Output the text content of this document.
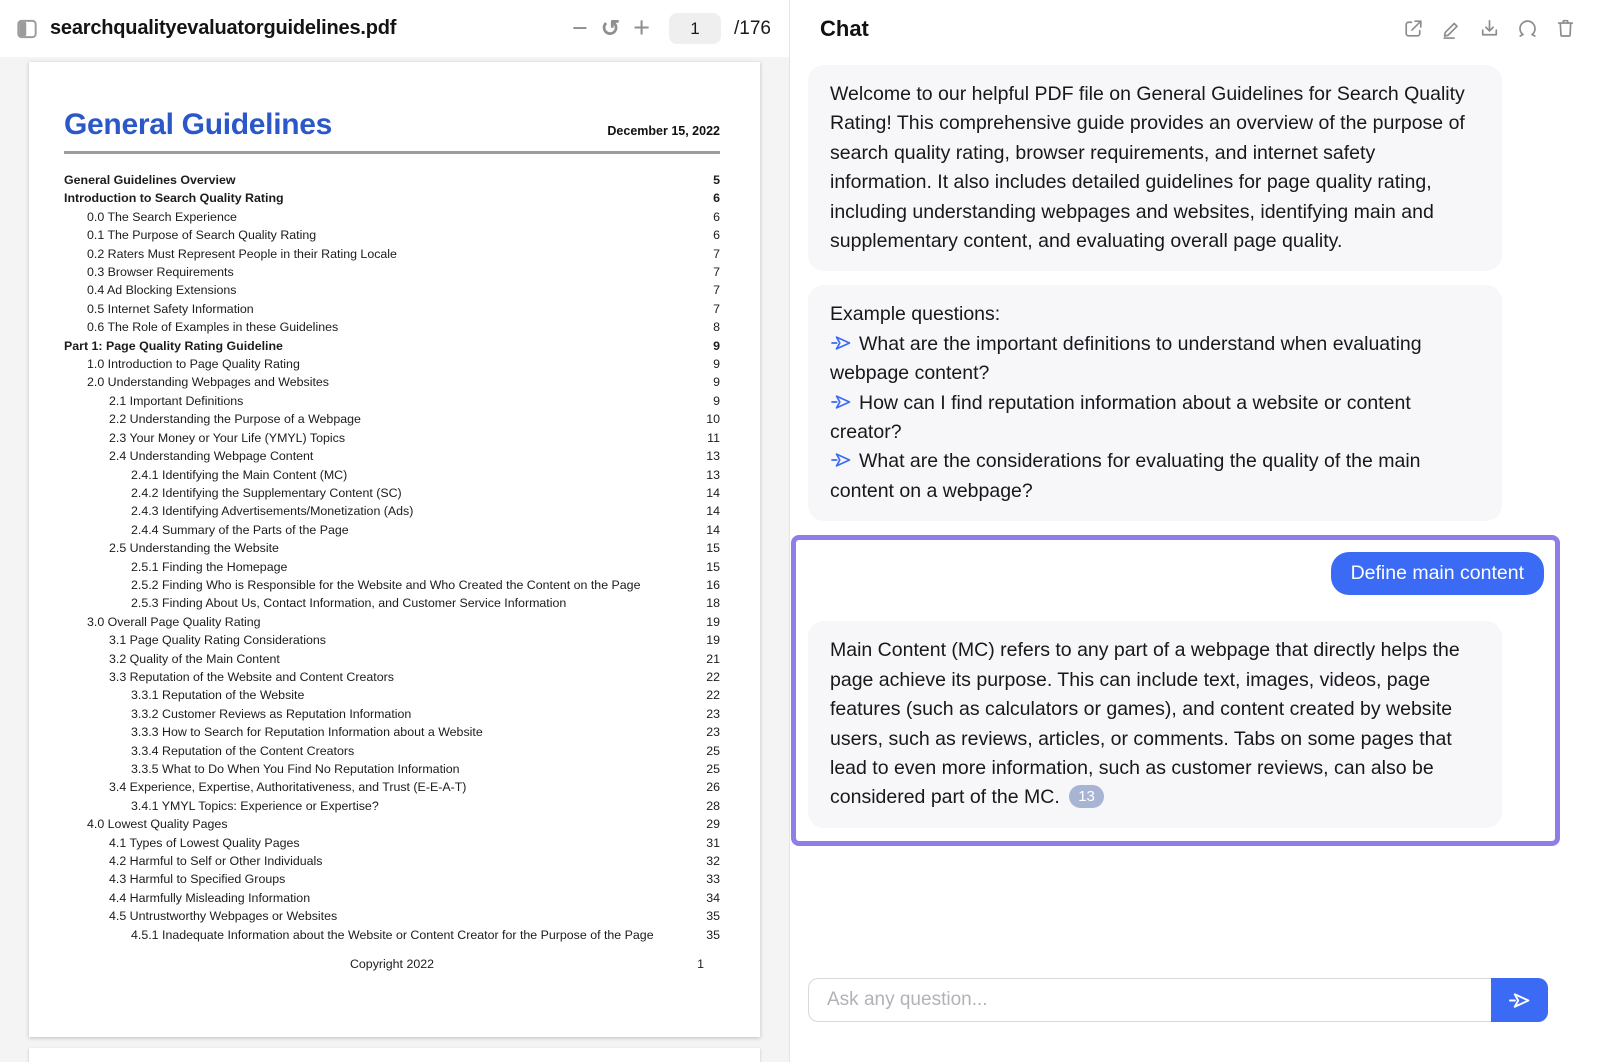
searchqualityevaluatorguidelines.pdf	− ↺ +
1	/176
General Guidelines	December 15, 2022
General Guidelines Overview	5
Introduction to Search Quality Rating	6
0.0 The Search Experience	6
0.1 The Purpose of Search Quality Rating	6
0.2 Raters Must Represent People in their Rating Locale	7
0.3 Browser Requirements	7
0.4 Ad Blocking Extensions	7
0.5 Internet Safety Information	7
0.6 The Role of Examples in these Guidelines	8
Part 1: Page Quality Rating Guideline	9
1.0 Introduction to Page Quality Rating	9
2.0 Understanding Webpages and Websites	9
2.1 Important Definitions	9
2.2 Understanding the Purpose of a Webpage	10
2.3 Your Money or Your Life (YMYL) Topics	11
2.4 Understanding Webpage Content	13
2.4.1 Identifying the Main Content (MC)	13
2.4.2 Identifying the Supplementary Content (SC)	14
2.4.3 Identifying Advertisements/Monetization (Ads)	14
2.4.4 Summary of the Parts of the Page	14
2.5 Understanding the Website	15
2.5.1 Finding the Homepage	15
2.5.2 Finding Who is Responsible for the Website and Who Created the Content on the Page	16
2.5.3 Finding About Us, Contact Information, and Customer Service Information	18
3.0 Overall Page Quality Rating	19
3.1 Page Quality Rating Considerations	19
3.2 Quality of the Main Content	21
3.3 Reputation of the Website and Content Creators	22
3.3.1 Reputation of the Website	22
3.3.2 Customer Reviews as Reputation Information	23
3.3.3 How to Search for Reputation Information about a Website	23
3.3.4 Reputation of the Content Creators	25
3.3.5 What to Do When You Find No Reputation Information	25
3.4 Experience, Expertise, Authoritativeness, and Trust (E-E-A-T)	26
3.4.1 YMYL Topics: Experience or Expertise?	28
4.0 Lowest Quality Pages	29
4.1 Types of Lowest Quality Pages	31
4.2 Harmful to Self or Other Individuals	32
4.3 Harmful to Specified Groups	33
4.4 Harmfully Misleading Information	34
4.5 Untrustworthy Webpages or Websites	35
4.5.1 Inadequate Information about the Website or Content Creator for the Purpose of the Page	35
Copyright 2022	1
Chat
Welcome to our helpful PDF file on General Guidelines for Search Quality Rating! This comprehensive guide provides an overview of the purpose of search quality rating, browser requirements, and internet safety information. It also includes detailed guidelines for page quality rating, including understanding webpages and websites, identifying main and supplementary content, and evaluating overall page quality.
Example questions:
What are the important definitions to understand when evaluating webpage content?
How can I find reputation information about a website or content creator?
What are the considerations for evaluating the quality of the main content on a webpage?
Define main content
Main Content (MC) refers to any part of a webpage that directly helps the page achieve its purpose. This can include text, images, videos, page features (such as calculators or games), and content created by website users, such as reviews, articles, or comments. Tabs on some pages that lead to even more information, such as customer reviews, can also be considered part of the MC. 13
Ask any question...
